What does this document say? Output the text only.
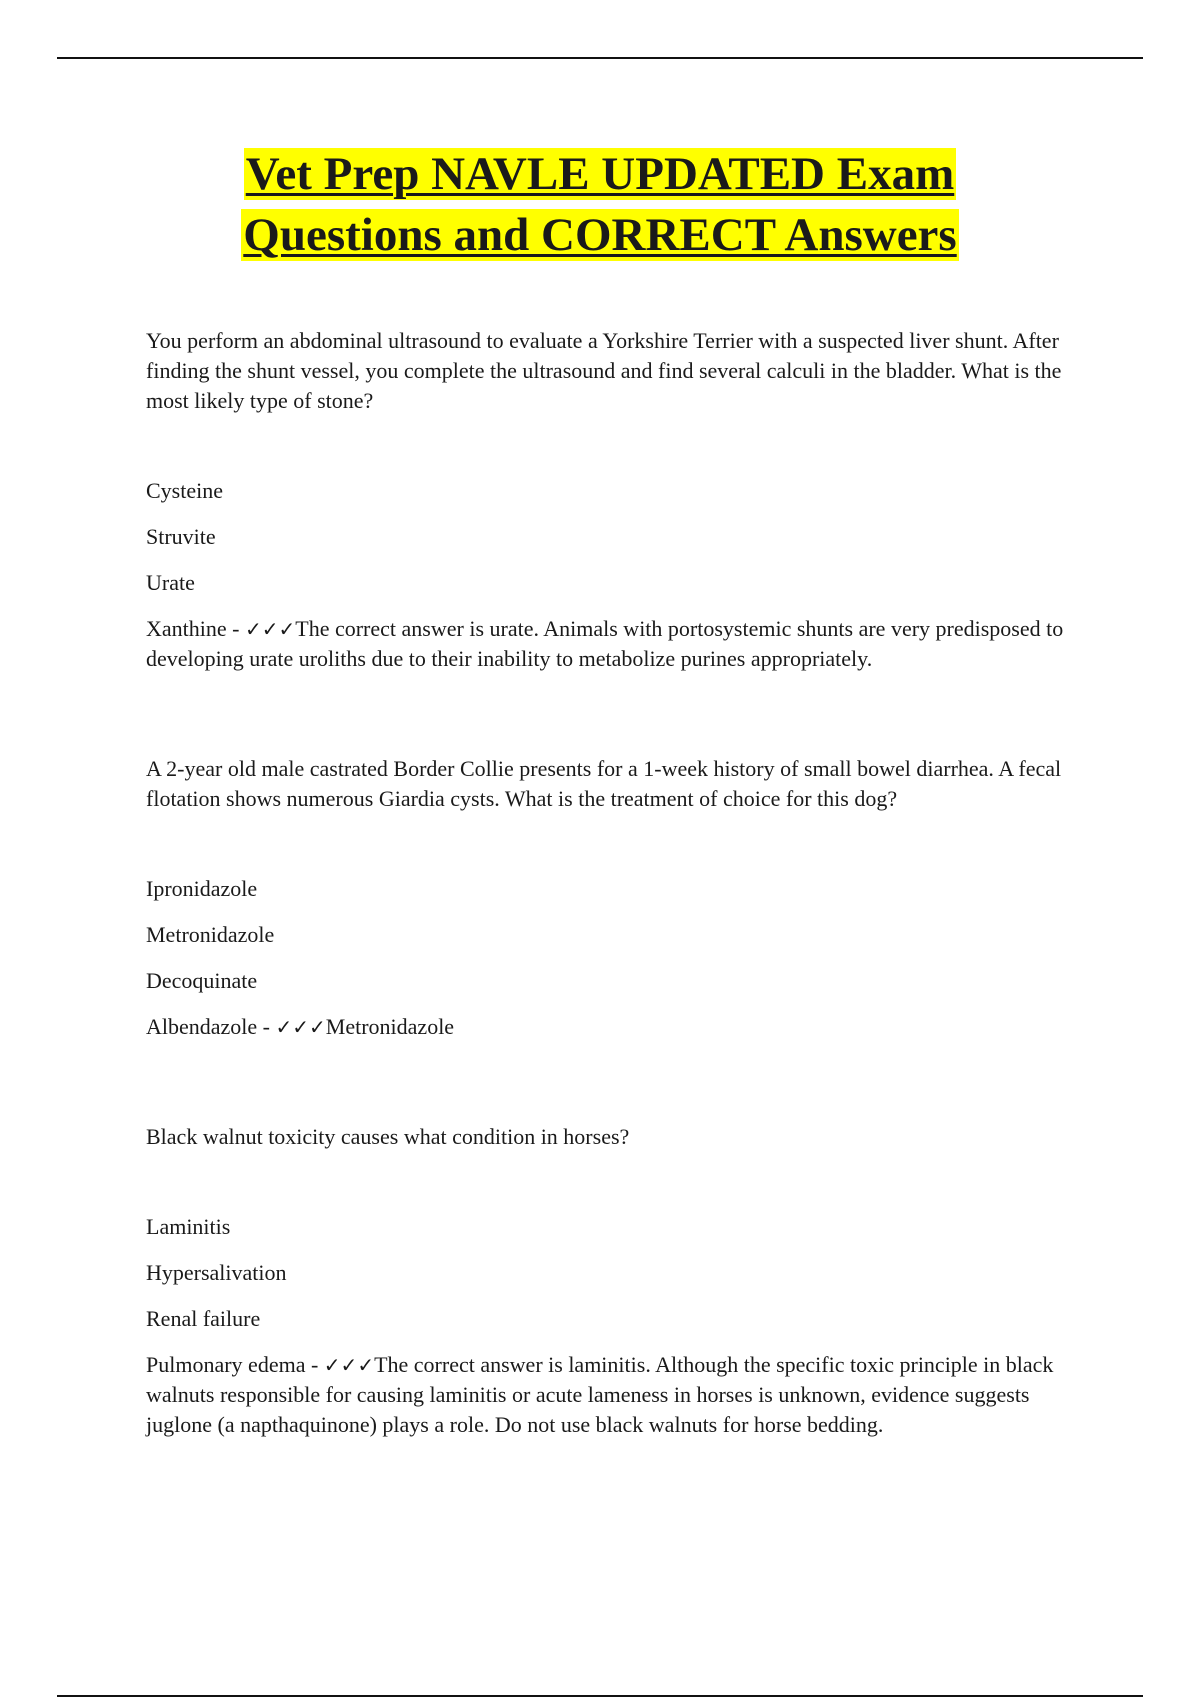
Vet Prep NAVLE UPDATED Exam
Questions and CORRECT Answers

You perform an abdominal ultrasound to evaluate a Yorkshire Terrier with a suspected liver shunt. After finding the shunt vessel, you complete the ultrasound and find several calculi in the bladder. What is the most likely type of stone?

Cysteine

Struvite

Urate

Xanthine - ✓✓✓The correct answer is urate. Animals with portosystemic shunts are very predisposed to developing urate uroliths due to their inability to metabolize purines appropriately.

A 2-year old male castrated Border Collie presents for a 1-week history of small bowel diarrhea. A fecal flotation shows numerous Giardia cysts. What is the treatment of choice for this dog?

Ipronidazole

Metronidazole

Decoquinate

Albendazole - ✓✓✓Metronidazole

Black walnut toxicity causes what condition in horses?

Laminitis

Hypersalivation

Renal failure

Pulmonary edema - ✓✓✓The correct answer is laminitis. Although the specific toxic principle in black walnuts responsible for causing laminitis or acute lameness in horses is unknown, evidence suggests juglone (a napthaquinone) plays a role. Do not use black walnuts for horse bedding.
